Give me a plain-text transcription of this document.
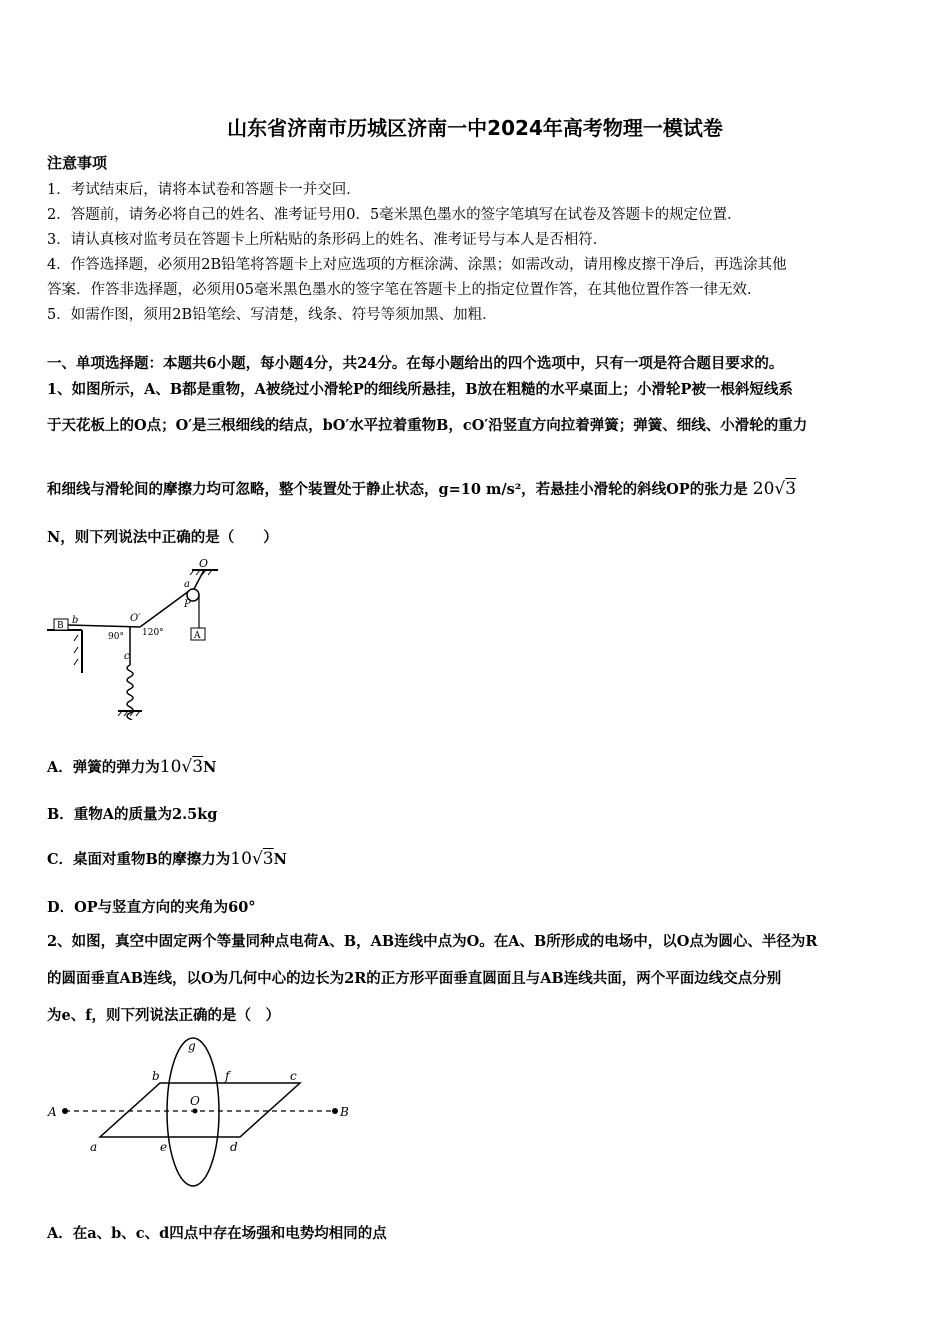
山东省济南市历城区济南一中2024年高考物理一模试卷
注意事项
1．考试结束后，请将本试卷和答题卡一并交回．
2．答题前，请务必将自己的姓名、准考证号用0．5毫米黑色墨水的签字笔填写在试卷及答题卡的规定位置．
3．请认真核对监考员在答题卡上所粘贴的条形码上的姓名、准考证号与本人是否相符．
4．作答选择题，必须用2B铅笔将答题卡上对应选项的方框涂满、涂黑；如需改动，请用橡皮擦干净后，再选涂其他
答案．作答非选择题，必须用05毫米黑色墨水的签字笔在答题卡上的指定位置作答，在其他位置作答一律无效．
5．如需作图，须用2B铅笔绘、写清楚，线条、符号等须加黑、加粗．
一、单项选择题：本题共6小题，每小题4分，共24分。在每小题给出的四个选项中，只有一项是符合题目要求的。
1、如图所示，A、B都是重物，A被绕过小滑轮P的细线所悬挂，B放在粗糙的水平桌面上；小滑轮P被一根斜短线系
于天花板上的O点；O′是三根细线的结点，bO′水平拉着重物B，cO′沿竖直方向拉着弹簧；弹簧、细线、小滑轮的重力
和细线与滑轮间的摩擦力均可忽略，整个装置处于静止状态，g=10 m/s²，若悬挂小滑轮的斜线OP的张力是 20√3
N，则下列说法中正确的是（　　）
O
a
P
A
B b	O′
90° 120°
c
A．弹簧的弹力为10√3N
B．重物A的质量为2.5kg
C．桌面对重物B的摩擦力为10√3N
D．OP与竖直方向的夹角为60°
2、如图，真空中固定两个等量同种点电荷A、B，AB连线中点为O。在A、B所形成的电场中，以O点为圆心、半径为R
的圆面垂直AB连线，以O为几何中心的边长为2R的正方形平面垂直圆面且与AB连线共面，两个平面边线交点分别
为e、f，则下列说法正确的是（　）
g
b	f	c
A
O
B
a	e	d
A．在a、b、c、d四点中存在场强和电势均相同的点
